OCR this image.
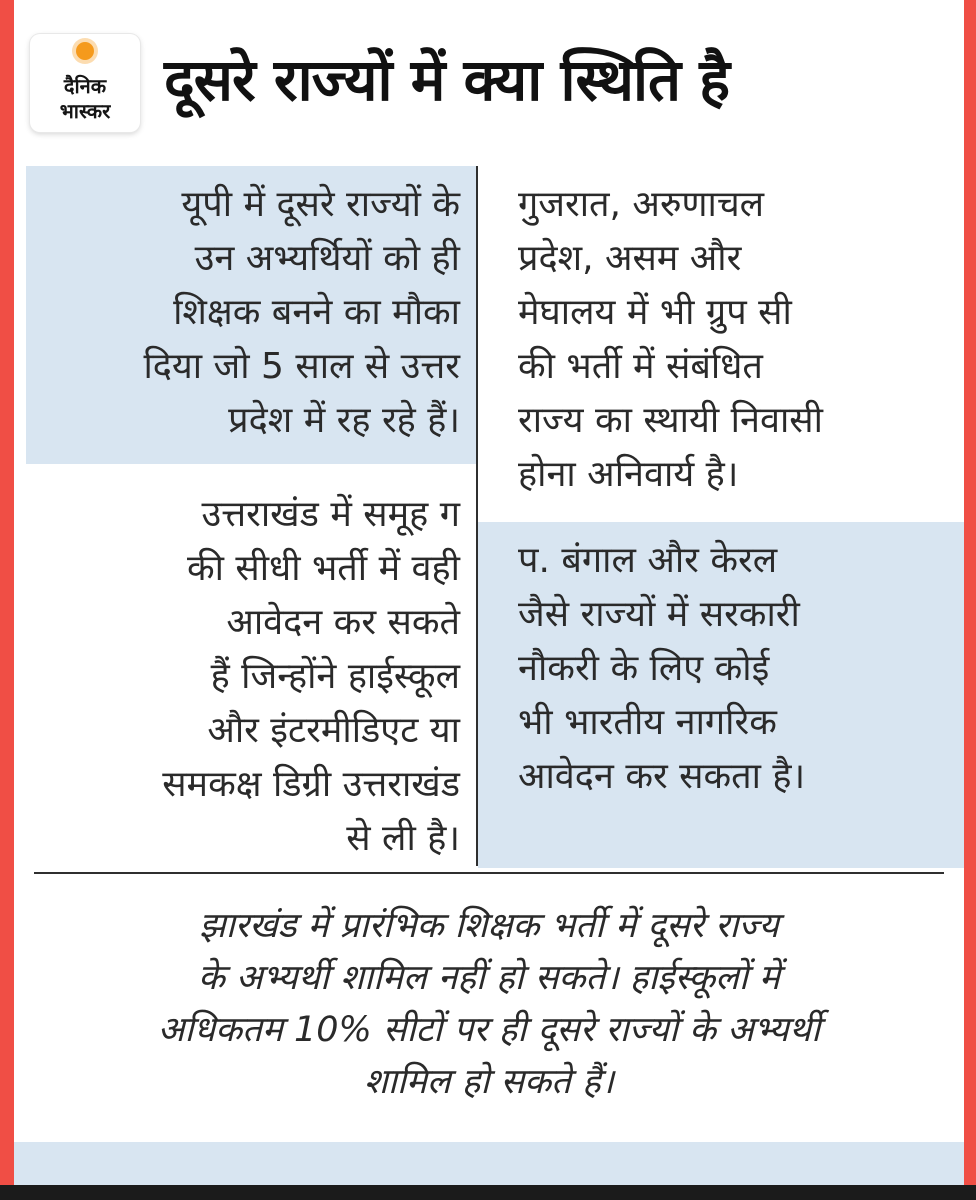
दैनिक
भास्कर दूसरे राज्यों में क्या स्थिति है

यूपी में दूसरे राज्यों के
उन अभ्यर्थियों को ही
शिक्षक बनने का मौका
दिया जो 5 साल से उत्तर
प्रदेश में रह रहे हैं।

उत्तराखंड में समूह ग
की सीधी भर्ती में वही
आवेदन कर सकते
हैं जिन्होंने हाईस्कूल
और इंटरमीडिएट या
समकक्ष डिग्री उत्तराखंड
से ली है।

गुजरात, अरुणाचल
प्रदेश, असम और
मेघालय में भी ग्रुप सी
की भर्ती में संबंधित
राज्य का स्थायी निवासी
होना अनिवार्य है।

प. बंगाल और केरल
जैसे राज्यों में सरकारी
नौकरी के लिए कोई
भी भारतीय नागरिक
आवेदन कर सकता है।

झारखंड में प्रारंभिक शिक्षक भर्ती में दूसरे राज्य
के अभ्यर्थी शामिल नहीं हो सकते। हाईस्कूलों में
अधिकतम 10% सीटों पर ही दूसरे राज्यों के अभ्यर्थी
शामिल हो सकते हैं।
